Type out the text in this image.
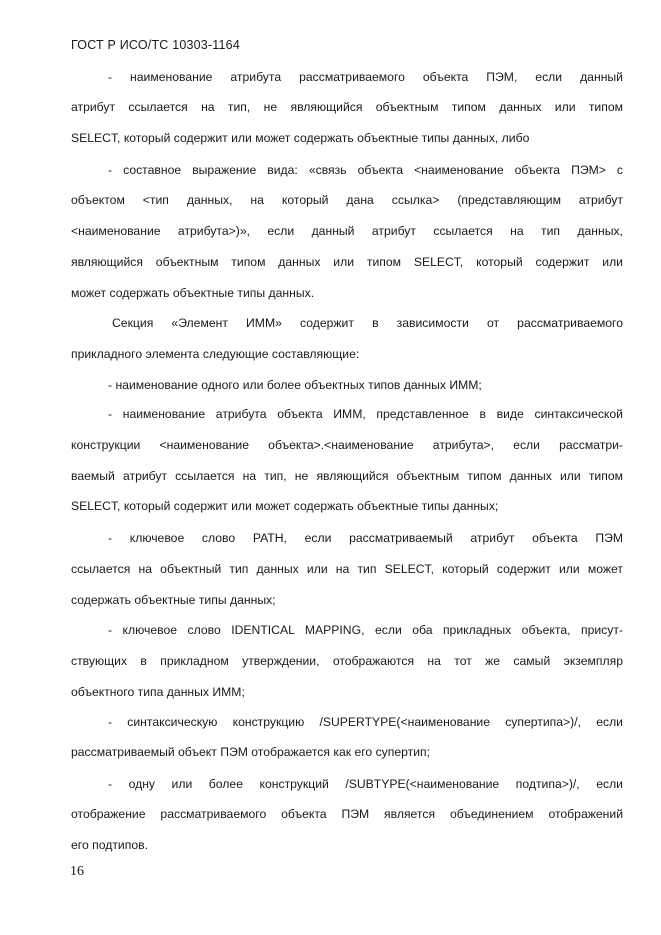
ГОСТ Р ИСО/ТС 10303-1164
- наименование атрибута рассматриваемого объекта ПЭМ, если данный
атрибут ссылается на тип, не являющийся объектным типом данных или типом
SELECT, который содержит или может содержать объектные типы данных, либо
- составное выражение вида: «связь объекта <наименование объекта ПЭМ> с
объектом <тип данных, на который дана ссылка> (представляющим атрибут
<наименование атрибута>)», если данный атрибут ссылается на тип данных,
являющийся объектным типом данных или типом SELECT, который содержит или
может содержать объектные типы данных.
Секция «Элемент ИММ» содержит в зависимости от рассматриваемого
прикладного элемента следующие составляющие:
- наименование одного или более объектных типов данных ИММ;
- наименование атрибута объекта ИММ, представленное в виде синтаксической
конструкции <наименование объекта>.<наименование атрибута>, если рассматри-
ваемый атрибут ссылается на тип, не являющийся объектным типом данных или типом
SELECT, который содержит или может содержать объектные типы данных;
- ключевое слово PATH, если рассматриваемый атрибут объекта ПЭМ
ссылается на объектный тип данных или на тип SELECT, который содержит или может
содержать объектные типы данных;
- ключевое слово IDENTICAL MAPPING, если оба прикладных объекта, присут-
ствующих в прикладном утверждении, отображаются на тот же самый экземпляр
объектного типа данных ИММ;
- синтаксическую конструкцию /SUPERTYPE(<наименование супертипа>)/, если
рассматриваемый объект ПЭМ отображается как его супертип;
- одну или более конструкций /SUBTYPE(<наименование подтипа>)/, если
отображение рассматриваемого объекта ПЭМ является объединением отображений
его подтипов.
16
